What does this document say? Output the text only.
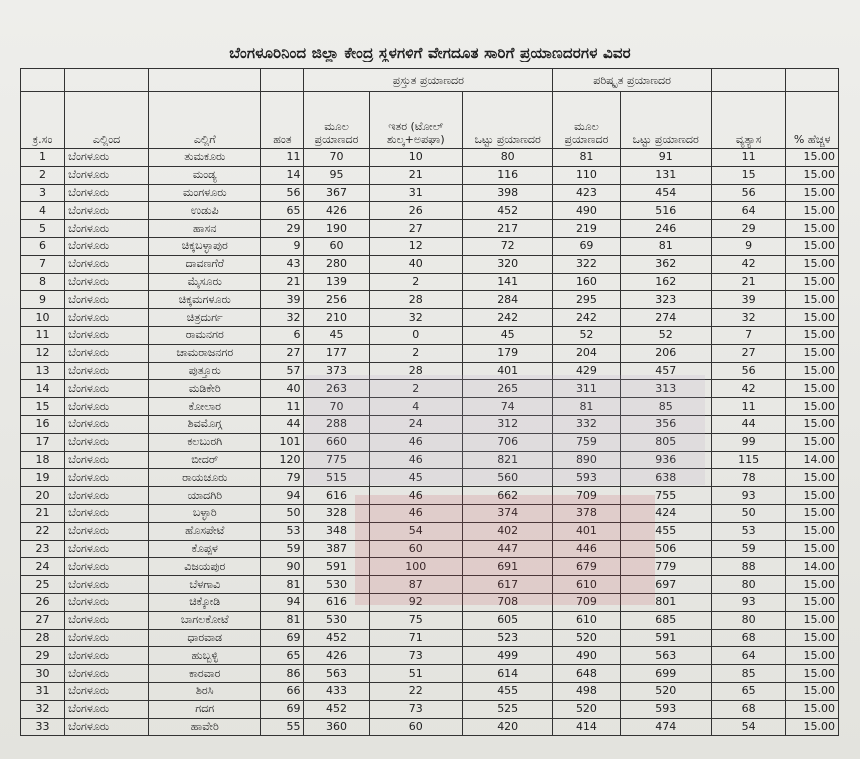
ಬೆಂಗಳೂರಿನಿಂದ ಜಿಲ್ಲಾ ಕೇಂದ್ರ ಸ್ಥಳಗಳಿಗೆ ವೇಗದೂತ ಸಾರಿಗೆ ಪ್ರಯಾಣದರಗಳ ವಿವರ
				ಪ್ರಸ್ತುತ ಪ್ರಯಾಣದರ			ಪರಿಷ್ಕೃತ ಪ್ರಯಾಣದರ			
ಕ್ರ.ಸಂ	ಎಲ್ಲಿಂದ	ಎಲ್ಲಿಗೆ	ಹಂತ	ಮೂಲ ಪ್ರಯಾಣದರ	ಇತರ (ಟೋಲ್ ಶುಲ್ಕ+ಅಪಘಾ)	ಒಟ್ಟು ಪ್ರಯಾಣದರ	ಮೂಲ ಪ್ರಯಾಣದರ	ಒಟ್ಟು ಪ್ರಯಾಣದರ	ವ್ಯತ್ಯಾಸ	% ಹೆಚ್ಚಳ
1	ಬೆಂಗಳೂರು	ತುಮಕೂರು	11	70	10	80	81	91	11	15.00
2	ಬೆಂಗಳೂರು	ಮಂಡ್ಯ	14	95	21	116	110	131	15	15.00
3	ಬೆಂಗಳೂರು	ಮಂಗಳೂರು	56	367	31	398	423	454	56	15.00
4	ಬೆಂಗಳೂರು	ಉಡುಪಿ	65	426	26	452	490	516	64	15.00
5	ಬೆಂಗಳೂರು	ಹಾಸನ	29	190	27	217	219	246	29	15.00
6	ಬೆಂಗಳೂರು	ಚಿಕ್ಕಬಳ್ಳಾಪುರ	9	60	12	72	69	81	9	15.00
7	ಬೆಂಗಳೂರು	ದಾವಣಗೆರೆ	43	280	40	320	322	362	42	15.00
8	ಬೆಂಗಳೂರು	ಮೈಸೂರು	21	139	2	141	160	162	21	15.00
9	ಬೆಂಗಳೂರು	ಚಿಕ್ಕಮಗಳೂರು	39	256	28	284	295	323	39	15.00
10	ಬೆಂಗಳೂರು	ಚಿತ್ರದುರ್ಗ	32	210	32	242	242	274	32	15.00
11	ಬೆಂಗಳೂರು	ರಾಮನಗರ	6	45	0	45	52	52	7	15.00
12	ಬೆಂಗಳೂರು	ಚಾಮರಾಜನಗರ	27	177	2	179	204	206	27	15.00
13	ಬೆಂಗಳೂರು	ಪುತ್ತೂರು	57	373	28	401	429	457	56	15.00
14	ಬೆಂಗಳೂರು	ಮಡಿಕೇರಿ	40	263	2	265	311	313	42	15.00
15	ಬೆಂಗಳೂರು	ಕೋಲಾರ	11	70	4	74	81	85	11	15.00
16	ಬೆಂಗಳೂರು	ಶಿವಮೊಗ್ಗ	44	288	24	312	332	356	44	15.00
17	ಬೆಂಗಳೂರು	ಕಲಬುರಗಿ	101	660	46	706	759	805	99	15.00
18	ಬೆಂಗಳೂರು	ಬೀದರ್	120	775	46	821	890	936	115	14.00
19	ಬೆಂಗಳೂರು	ರಾಯಚೂರು	79	515	45	560	593	638	78	15.00
20	ಬೆಂಗಳೂರು	ಯಾದಗಿರಿ	94	616	46	662	709	755	93	15.00
21	ಬೆಂಗಳೂರು	ಬಳ್ಳಾರಿ	50	328	46	374	378	424	50	15.00
22	ಬೆಂಗಳೂರು	ಹೊಸಪೇಟೆ	53	348	54	402	401	455	53	15.00
23	ಬೆಂಗಳೂರು	ಕೊಪ್ಪಳ	59	387	60	447	446	506	59	15.00
24	ಬೆಂಗಳೂರು	ವಿಜಯಪುರ	90	591	100	691	679	779	88	14.00
25	ಬೆಂಗಳೂರು	ಬೆಳಗಾವಿ	81	530	87	617	610	697	80	15.00
26	ಬೆಂಗಳೂರು	ಚಿಕ್ಕೋಡಿ	94	616	92	708	709	801	93	15.00
27	ಬೆಂಗಳೂರು	ಬಾಗಲಕೋಟೆ	81	530	75	605	610	685	80	15.00
28	ಬೆಂಗಳೂರು	ಧಾರವಾಡ	69	452	71	523	520	591	68	15.00
29	ಬೆಂಗಳೂರು	ಹುಬ್ಬಳ್ಳಿ	65	426	73	499	490	563	64	15.00
30	ಬೆಂಗಳೂರು	ಕಾರವಾರ	86	563	51	614	648	699	85	15.00
31	ಬೆಂಗಳೂರು	ಶಿರಸಿ	66	433	22	455	498	520	65	15.00
32	ಬೆಂಗಳೂರು	ಗದಗ	69	452	73	525	520	593	68	15.00
33	ಬೆಂಗಳೂರು	ಹಾವೇರಿ	55	360	60	420	414	474	54	15.00
